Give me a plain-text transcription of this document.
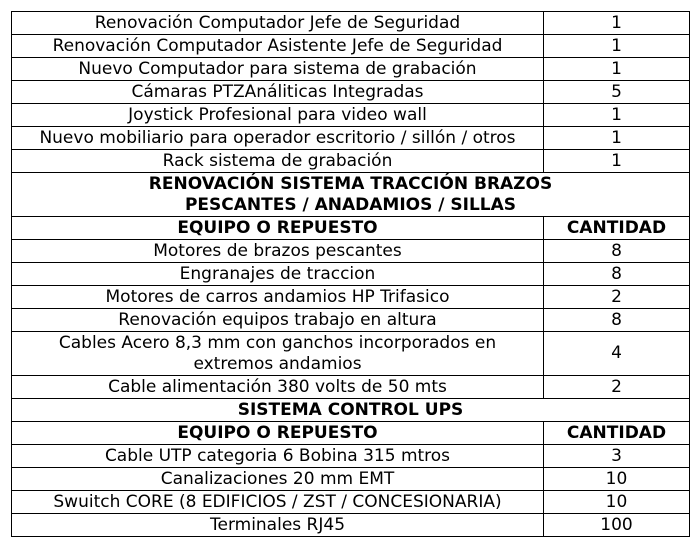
Renovación Computador Jefe de Seguridad	1
Renovación Computador Asistente Jefe de Seguridad	1
Nuevo Computador para sistema de grabación	1
Cámaras PTZAnáliticas Integradas	5
Joystick Profesional para video wall	1
Nuevo mobiliario para operador escritorio / sillón / otros	1
Rack sistema de grabación	1
RENOVACIÓN SISTEMA TRACCIÓN BRAZOS PESCANTES / ANADAMIOS / SILLAS	
EQUIPO O REPUESTO	CANTIDAD
Motores de brazos pescantes	8
Engranajes de traccion	8
Motores de carros andamios HP Trifasico	2
Renovación equipos trabajo en altura	8
Cables Acero 8,3 mm con ganchos incorporados en extremos andamios	4
Cable alimentación 380 volts de 50 mts	2
SISTEMA CONTROL UPS	
EQUIPO O REPUESTO	CANTIDAD
Cable UTP categoria 6 Bobina 315 mtros	3
Canalizaciones 20 mm EMT	10
Swuitch CORE (8 EDIFICIOS / ZST / CONCESIONARIA)	10
Terminales RJ45	100
